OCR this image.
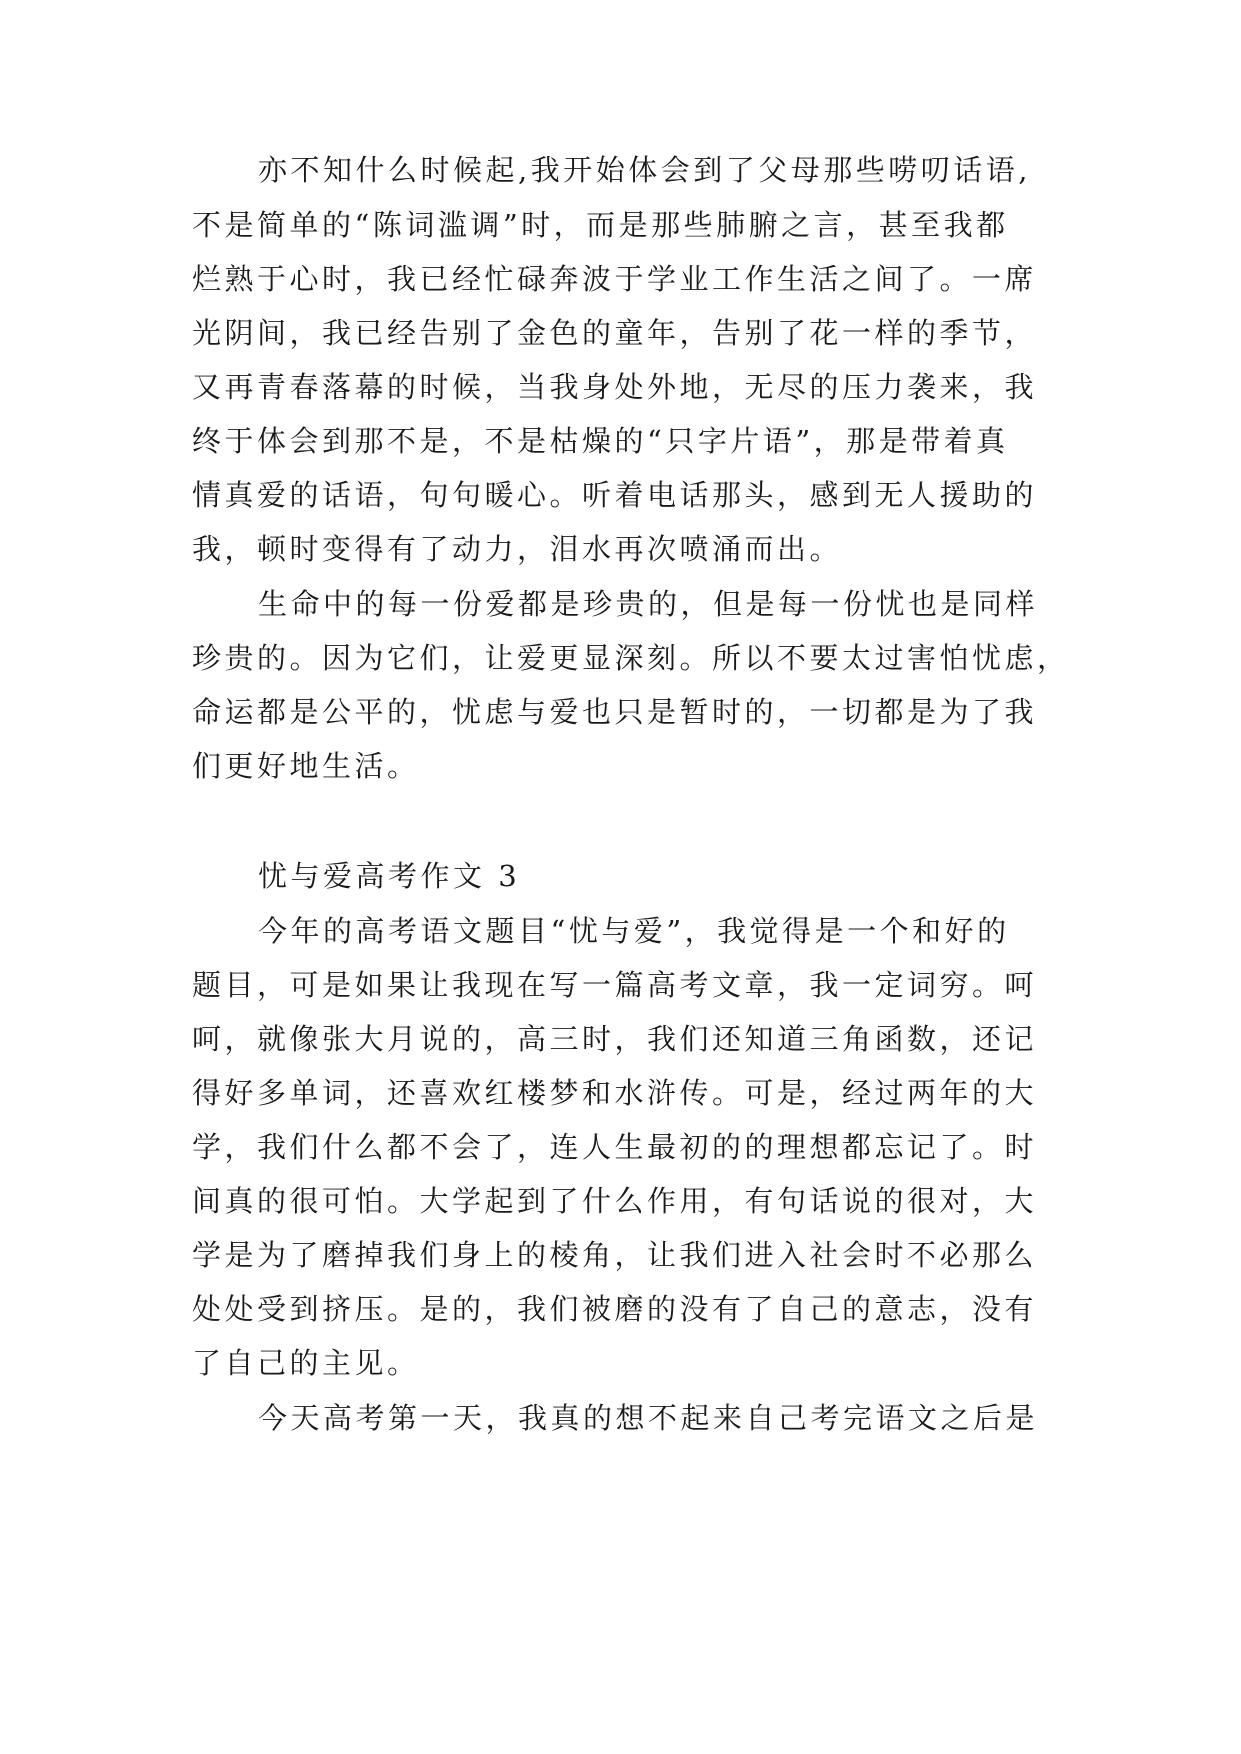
亦不知什么时候起,我开始体会到了父母那些唠叨话语,
不是简单的“陈词滥调”时，而是那些肺腑之言，甚至我都
烂熟于心时，我已经忙碌奔波于学业工作生活之间了。一席
光阴间，我已经告别了金色的童年，告别了花一样的季节，
又再青春落幕的时候，当我身处外地，无尽的压力袭来，我
终于体会到那不是，不是枯燥的“只字片语”，那是带着真
情真爱的话语，句句暖心。听着电话那头，感到无人援助的
我，顿时变得有了动力，泪水再次喷涌而出。
生命中的每一份爱都是珍贵的，但是每一份忧也是同样
珍贵的。因为它们，让爱更显深刻。所以不要太过害怕忧虑，
命运都是公平的，忧虑与爱也只是暂时的，一切都是为了我
们更好地生活。
忧与爱高考作文 3
今年的高考语文题目“忧与爱”，我觉得是一个和好的
题目，可是如果让我现在写一篇高考文章，我一定词穷。呵
呵，就像张大月说的，高三时，我们还知道三角函数，还记
得好多单词，还喜欢红楼梦和水浒传。可是，经过两年的大
学，我们什么都不会了，连人生最初的的理想都忘记了。时
间真的很可怕。大学起到了什么作用，有句话说的很对，大
学是为了磨掉我们身上的棱角，让我们进入社会时不必那么
处处受到挤压。是的，我们被磨的没有了自己的意志，没有
了自己的主见。
今天高考第一天，我真的想不起来自己考完语文之后是
